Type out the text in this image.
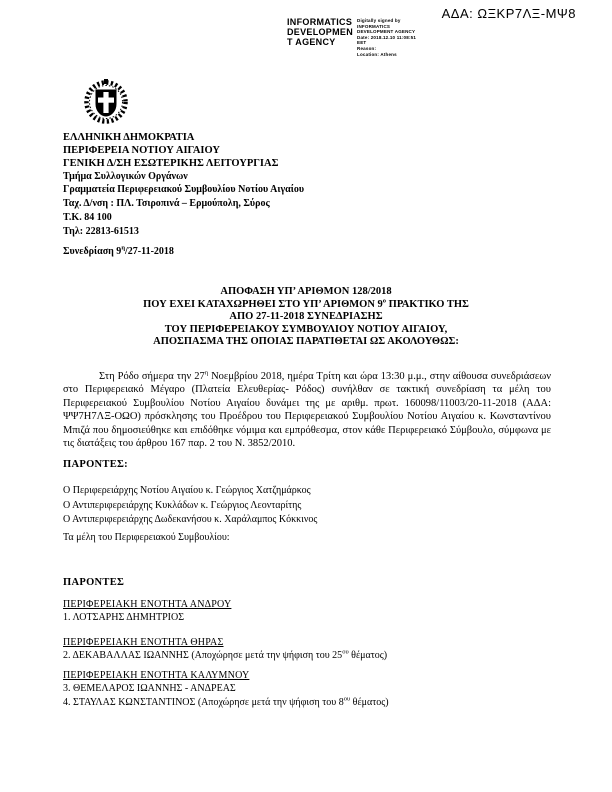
ΑΔΑ: ΩΞΚΡ7ΛΞ-ΜΨ8
INFORMATICS
DEVELOPMEN
T AGENCY
Digitally signed by
INFORMATICS
DEVELOPMENT AGENCY
Date: 2018.12.10 11:08:51
EET
Reason:
Location: Athens
ΕΛΛΗΝΙΚΗ ΔΗΜΟΚΡΑΤΙΑ
ΠΕΡΙΦΕΡΕΙΑ ΝΟΤΙΟΥ ΑΙΓΑΙΟΥ
ΓΕΝΙΚΗ Δ/ΣΗ ΕΣΩΤΕΡΙΚΗΣ ΛΕΙΤΟΥΡΓΙΑΣ
Τμήμα Συλλογικών Οργάνων
Γραμματεία Περιφερειακού Συμβουλίου Νοτίου Αιγαίου
Ταχ. Δ/νση : ΠΛ. Τσιροπινά – Ερμούπολη, Σύρος
Τ.Κ. 84 100
Τηλ: 22813-61513
Συνεδρίαση $9^\eta/27-11-2018$
ΑΠΟΦΑΣΗ ΥΠ’ ΑΡΙΘΜΟΝ 128/2018
ΠΟΥ ΕΧΕΙ ΚΑΤΑΧΩΡΗΘΕΙ ΣΤΟ ΥΠ’ ΑΡΙΘΜΟΝ $9^o$ ΠΡΑΚΤΙΚΟ ΤΗΣ
ΑΠΟ 27-11-2018 ΣΥΝΕΔΡΙΑΣΗΣ
ΤΟΥ ΠΕΡΙΦΕΡΕΙΑΚΟΥ ΣΥΜΒΟΥΛΙΟΥ ΝΟΤΙΟΥ ΑΙΓΑΙΟΥ,
ΑΠΟΣΠΑΣΜΑ ΤΗΣ ΟΠΟΙΑΣ ΠΑΡΑΤΙΘΕΤΑΙ ΩΣ ΑΚΟΛΟΥΘΩΣ:
Στη Ρόδο σήμερα την $27^\eta$ Νοεμβρίου 2018, ημέρα Τρίτη και ώρα 13:30 μ.μ., στην αίθουσα συνεδριάσεων στο Περιφερειακό Μέγαρο (Πλατεία Ελευθερίας- Ρόδος) συνήλθαν σε τακτική συνεδρίαση τα μέλη του Περιφερειακού Συμβουλίου Νοτίου Αιγαίου δυνάμει της με αριθμ. πρωτ. 160098/11003/20-11-2018 (ΑΔΑ: ΨΨ7Η7ΛΞ-ΟΩΟ) πρόσκλησης του Προέδρου του Περιφερειακού Συμβουλίου Νοτίου Αιγαίου κ. Κωνσταντίνου Μπιζά που δημοσιεύθηκε και επιδόθηκε νόμιμα και εμπρόθεσμα, στον κάθε Περιφερειακό Σύμβουλο, σύμφωνα με τις διατάξεις του άρθρου 167 παρ. 2 του Ν. 3852/2010.
ΠΑΡΟΝΤΕΣ:
Ο Περιφερειάρχης Νοτίου Αιγαίου κ. Γεώργιος Χατζημάρκος
Ο Αντιπεριφερειάρχης Κυκλάδων κ. Γεώργιος Λεονταρίτης
Ο Αντιπεριφερειάρχης Δωδεκανήσου κ. Χαράλαμπος Κόκκινος
Τα μέλη του Περιφερειακού Συμβουλίου:
ΠΑΡΟΝΤΕΣ
ΠΕΡΙΦΕΡΕΙΑΚΗ ΕΝΟΤΗΤΑ ΑΝΔΡΟΥ
1. ΛΟΤΣΑΡΗΣ ΔΗΜΗΤΡΙΟΣ
ΠΕΡΙΦΕΡΕΙΑΚΗ ΕΝΟΤΗΤΑ ΘΗΡΑΣ
2. ΔΕΚΑΒΑΛΛΑΣ ΙΩΑΝΝΗΣ (Αποχώρησε μετά την ψήφιση του $25^{o\upsilon}$ θέματος)
ΠΕΡΙΦΕΡΕΙΑΚΗ ΕΝΟΤΗΤΑ ΚΑΛΥΜΝΟΥ
3. ΘΕΜΕΛΑΡΟΣ ΙΩΑΝΝΗΣ - ΑΝΔΡΕΑΣ
4. ΣΤΑΥΛΑΣ ΚΩΝΣΤΑΝΤΙΝΟΣ (Αποχώρησε μετά την ψήφιση του $8^{o\upsilon}$ θέματος)
